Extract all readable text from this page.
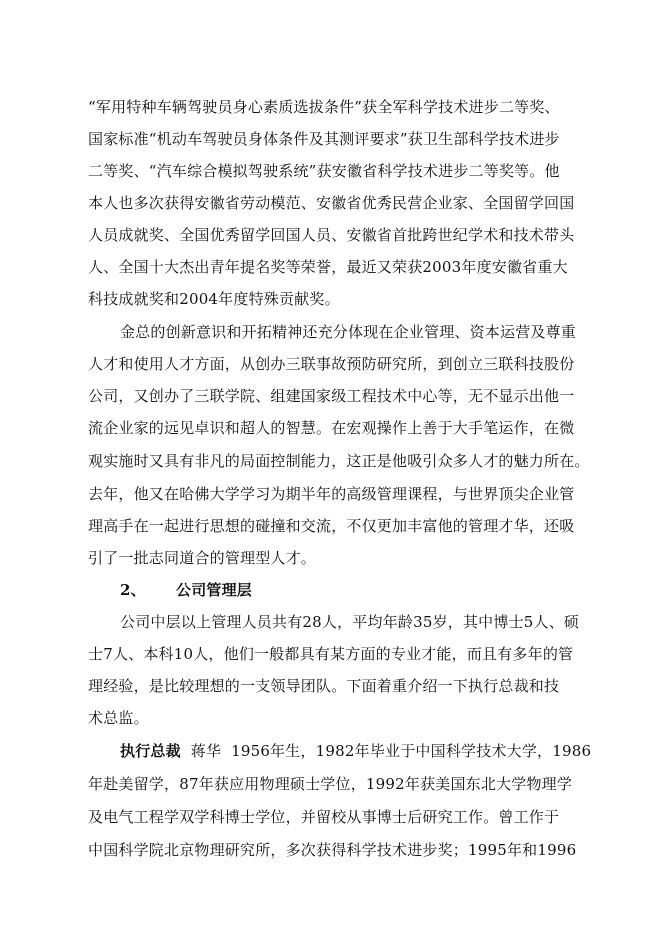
“军用特种车辆驾驶员身心素质选拔条件”获全军科学技术进步二等奖、
国家标准“机动车驾驶员身体条件及其测评要求”获卫生部科学技术进步
二等奖、“汽车综合模拟驾驶系统”获安徽省科学技术进步二等奖等。他
本人也多次获得安徽省劳动模范、安徽省优秀民营企业家、全国留学回国
人员成就奖、全国优秀留学回国人员、安徽省首批跨世纪学术和技术带头
人、全国十大杰出青年提名奖等荣誉，最近又荣获2003年度安徽省重大
科技成就奖和2004年度特殊贡献奖。
金总的创新意识和开拓精神还充分体现在企业管理、资本运营及尊重
人才和使用人才方面，从创办三联事故预防研究所，到创立三联科技股份
公司，又创办了三联学院、组建国家级工程技术中心等，无不显示出他一
流企业家的远见卓识和超人的智慧。在宏观操作上善于大手笔运作，在微
观实施时又具有非凡的局面控制能力，这正是他吸引众多人才的魅力所在。
去年，他又在哈佛大学学习为期半年的高级管理课程，与世界顶尖企业管
理高手在一起进行思想的碰撞和交流，不仅更加丰富他的管理才华，还吸
引了一批志同道合的管理型人才。
2、 公司管理层
公司中层以上管理人员共有28人，平均年龄35岁，其中博士5人、硕
士7人、本科10人，他们一般都具有某方面的专业才能，而且有多年的管
理经验，是比较理想的一支领导团队。下面着重介绍一下执行总裁和技
术总监。
执行总裁  蒋华  1956年生，1982年毕业于中国科学技术大学，1986
年赴美留学，87年获应用物理硕士学位，1992年获美国东北大学物理学
及电气工程学双学科博士学位，并留校从事博士后研究工作。曾工作于
中国科学院北京物理研究所，多次获得科学技术进步奖；1995年和1996
